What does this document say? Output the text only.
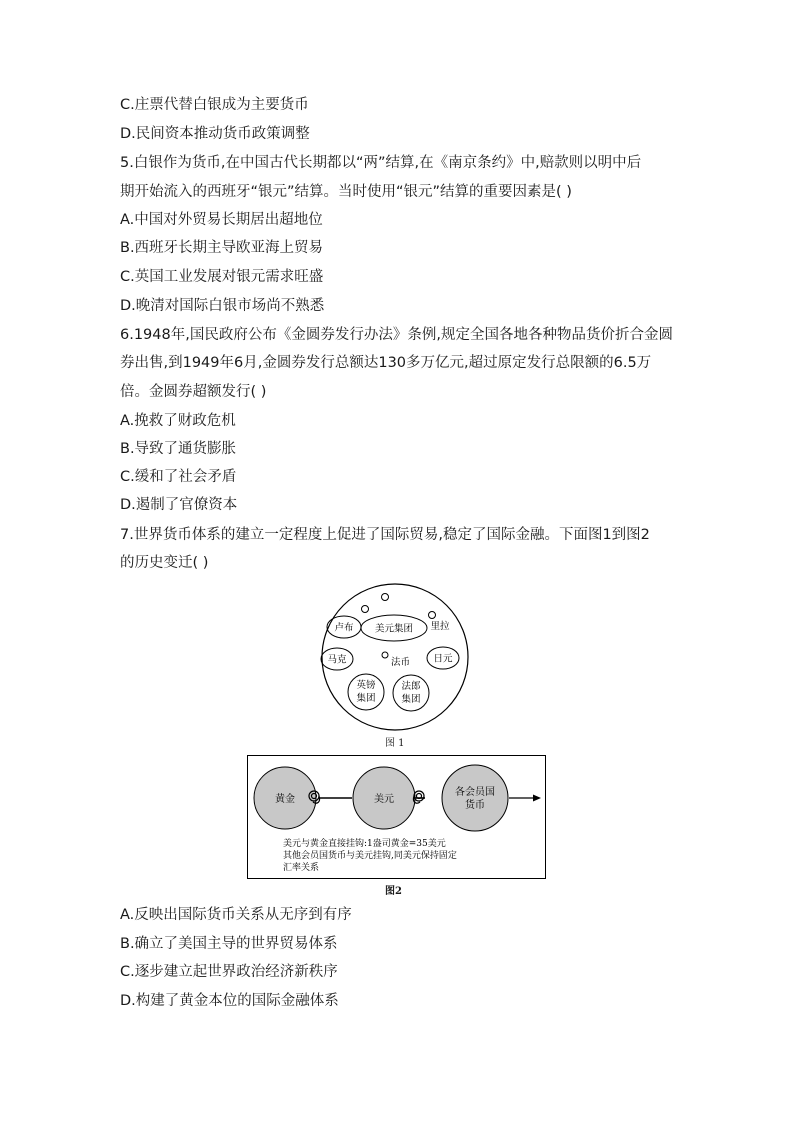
C.庄票代替白银成为主要货币
D.民间资本推动货币政策调整
5.白银作为货币,在中国古代长期都以“两”结算,在《南京条约》中,赔款则以明中后
期开始流入的西班牙“银元”结算。当时使用“银元”结算的重要因素是( )
A.中国对外贸易长期居出超地位
B.西班牙长期主导欧亚海上贸易
C.英国工业发展对银元需求旺盛
D.晚清对国际白银市场尚不熟悉
6.1948年,国民政府公布《金圆券发行办法》条例,规定全国各地各种物品货价折合金圆
券出售,到1949年6月,金圆券发行总额达130多万亿元,超过原定发行总限额的6.5万
倍。金圆券超额发行( )
A.挽救了财政危机
B.导致了通货膨胀
C.缓和了社会矛盾
D.遏制了官僚资本
7.世界货币体系的建立一定程度上促进了国际贸易,稳定了国际金融。下面图1到图2
的历史变迁( )
卢布 美元集团 里拉
马克	法币 日元
英镑
集团
法郎
集团
图 1
黄金	美元
各会员国
货币
美元与黄金直接挂钩:1盎司黄金=35美元
其他会员国货币与美元挂钩,同美元保持固定
汇率关系
图2
A.反映出国际货币关系从无序到有序
B.确立了美国主导的世界贸易体系
C.逐步建立起世界政治经济新秩序
D.构建了黄金本位的国际金融体系
